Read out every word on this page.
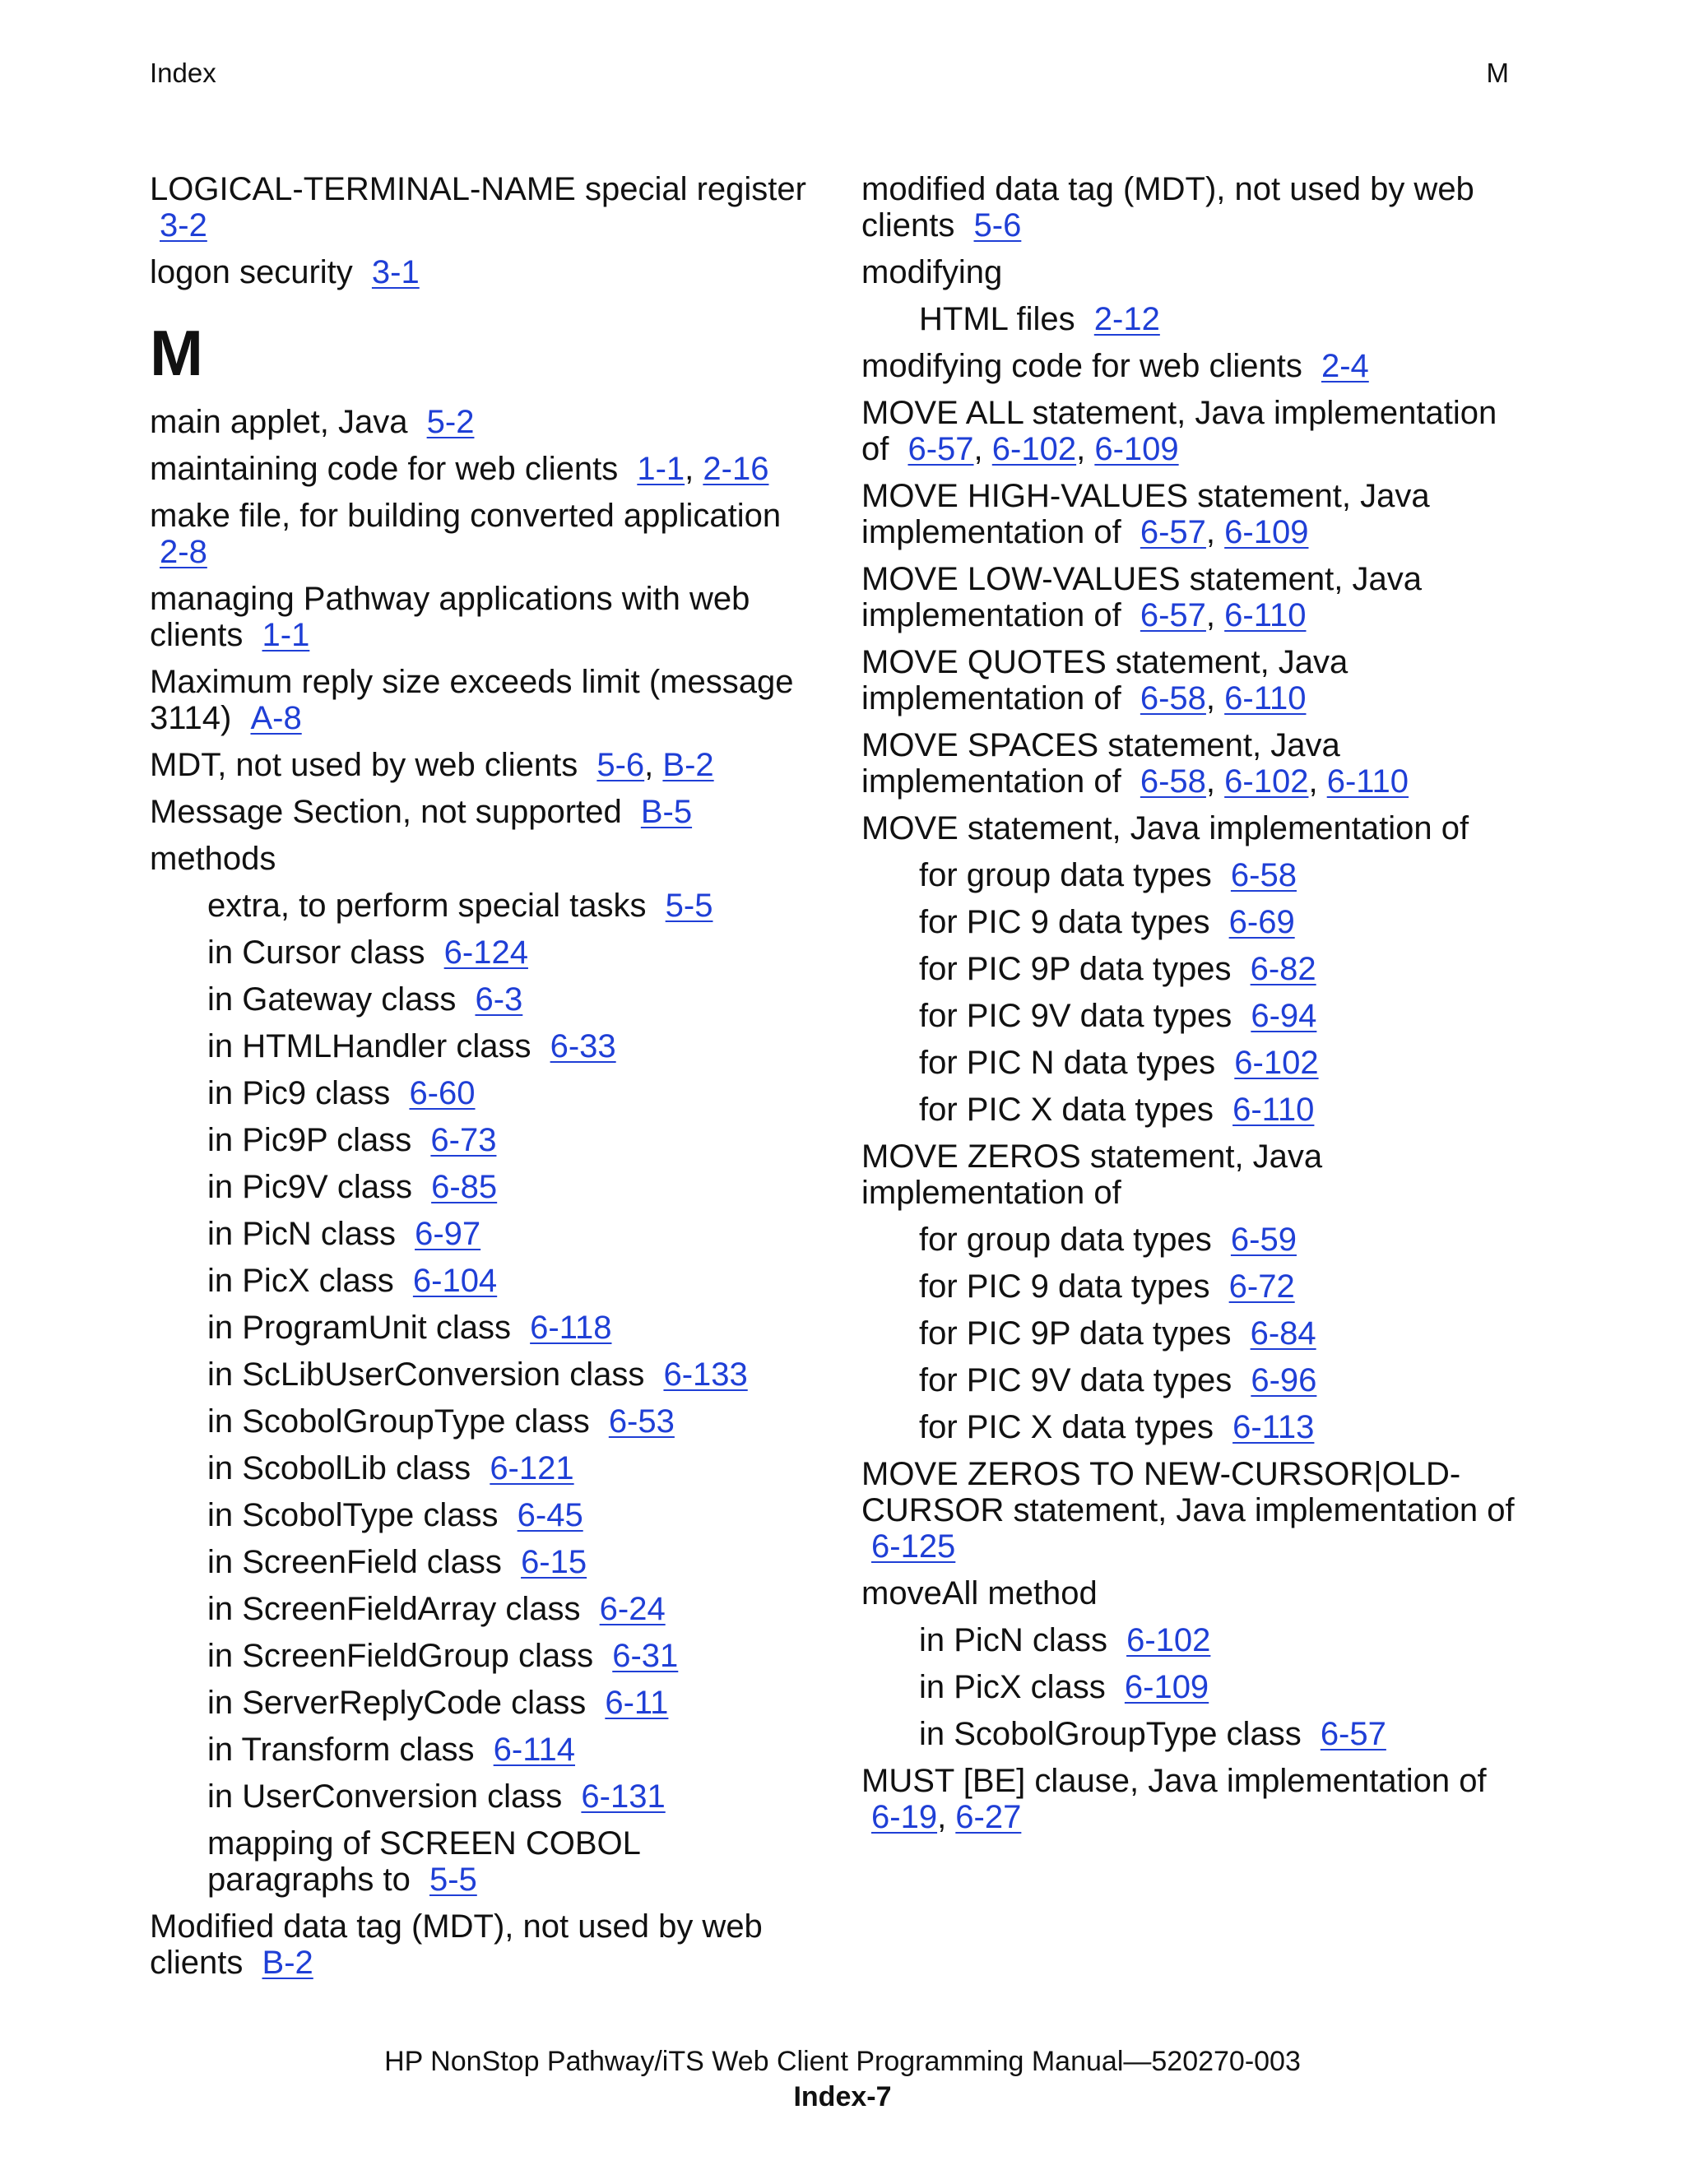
Index	M
LOGICAL-TERMINAL-NAME special register 3-2
logon security 3-1
M
main applet, Java 5-2
maintaining code for web clients 1-1, 2-16
make file, for building converted application 2-8
managing Pathway applications with web clients 1-1
Maximum reply size exceeds limit (message 3114) A-8
MDT, not used by web clients 5-6, B-2
Message Section, not supported B-5
methods
extra, to perform special tasks 5-5
in Cursor class 6-124
in Gateway class 6-3
in HTMLHandler class 6-33
in Pic9 class 6-60
in Pic9P class 6-73
in Pic9V class 6-85
in PicN class 6-97
in PicX class 6-104
in ProgramUnit class 6-118
in ScLibUserConversion class 6-133
in ScobolGroupType class 6-53
in ScobolLib class 6-121
in ScobolType class 6-45
in ScreenField class 6-15
in ScreenFieldArray class 6-24
in ScreenFieldGroup class 6-31
in ServerReplyCode class 6-11
in Transform class 6-114
in UserConversion class 6-131
mapping of SCREEN COBOL paragraphs to 5-5
Modified data tag (MDT), not used by web clients B-2
modified data tag (MDT), not used by web clients 5-6
modifying
HTML files 2-12
modifying code for web clients 2-4
MOVE ALL statement, Java implementation of 6-57, 6-102, 6-109
MOVE HIGH-VALUES statement, Java implementation of 6-57, 6-109
MOVE LOW-VALUES statement, Java implementation of 6-57, 6-110
MOVE QUOTES statement, Java implementation of 6-58, 6-110
MOVE SPACES statement, Java implementation of 6-58, 6-102, 6-110
MOVE statement, Java implementation of
for group data types 6-58
for PIC 9 data types 6-69
for PIC 9P data types 6-82
for PIC 9V data types 6-94
for PIC N data types 6-102
for PIC X data types 6-110
MOVE ZEROS statement, Java implementation of
for group data types 6-59
for PIC 9 data types 6-72
for PIC 9P data types 6-84
for PIC 9V data types 6-96
for PIC X data types 6-113
MOVE ZEROS TO NEW-CURSOR|OLD-CURSOR statement, Java implementation of 6-125
moveAll method
in PicN class 6-102
in PicX class 6-109
in ScobolGroupType class 6-57
MUST [BE] clause, Java implementation of 6-19, 6-27
HP NonStop Pathway/iTS Web Client Programming Manual—520270-003
Index-7
